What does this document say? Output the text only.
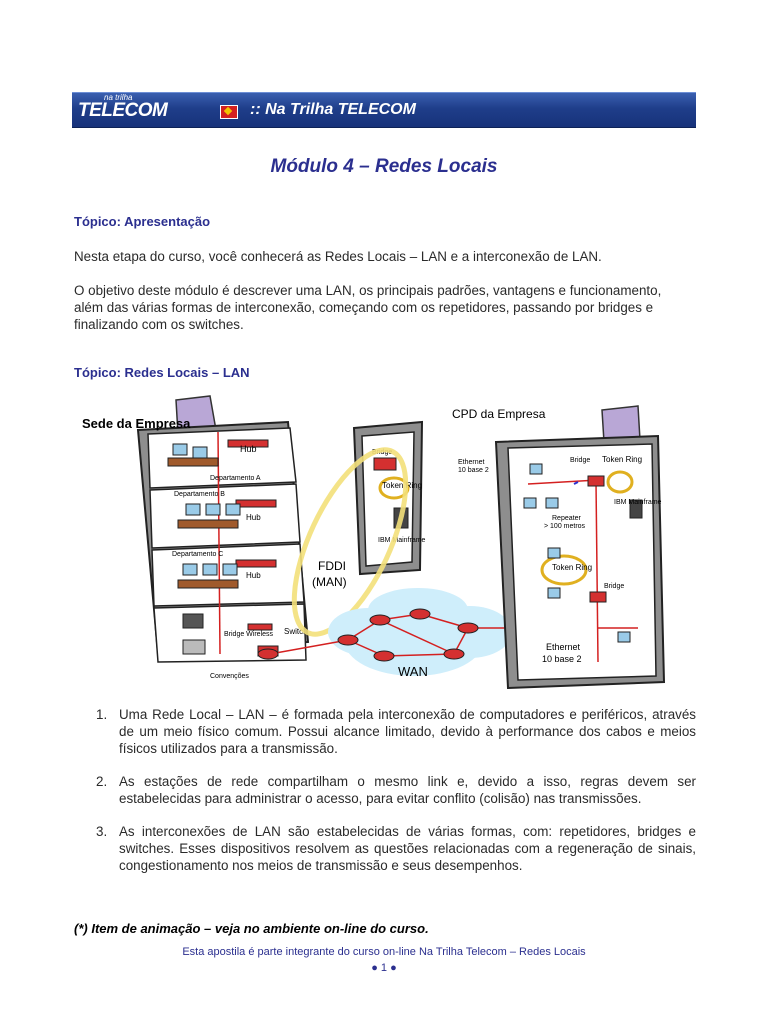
na trilha
TELECOM	:: Na Trilha TELECOM
Módulo 4 – Redes Locais
Tópico: Apresentação
Nesta etapa do curso, você conhecerá as Redes Locais – LAN e a interconexão de LAN.
O objetivo deste módulo é descrever uma LAN, os principais padrões, vantagens e funcionamento, além das várias formas de interconexão, começando com os repetidores, passando por bridges e finalizando com os switches.
Tópico: Redes Locais – LAN
Sede da Empresa
Hub
Departamento A
Departamento B
Hub
Departamento C
Hub
Bridge Wireless Switch
Convenções
Bridge
Token Ring
IBM Mainframe
FDDI
(MAN)
WAN
CPD da Empresa
Ethernet
10 base 2
Bridge Token Ring
IBM Mainframe
Repeater
> 100 metros
Token Ring
Bridge
Ethernet
10 base 2
1. Uma Rede Local – LAN – é formada pela interconexão de computadores e periféricos, através de um meio físico comum. Possui alcance limitado, devido à performance dos cabos e meios físicos utilizados para a transmissão.
2. As estações de rede compartilham o mesmo link e, devido a isso, regras devem ser estabelecidas para administrar o acesso, para evitar conflito (colisão) nas transmissões.
3. As interconexões de LAN são estabelecidas de várias formas, com: repetidores, bridges e switches. Esses dispositivos resolvem as questões relacionadas com a regeneração de sinais, congestionamento nos meios de transmissão e seus desempenhos.
(*) Item de animação – veja no ambiente on-line do curso.
Esta apostila é parte integrante do curso on-line Na Trilha Telecom – Redes Locais
● 1 ●
